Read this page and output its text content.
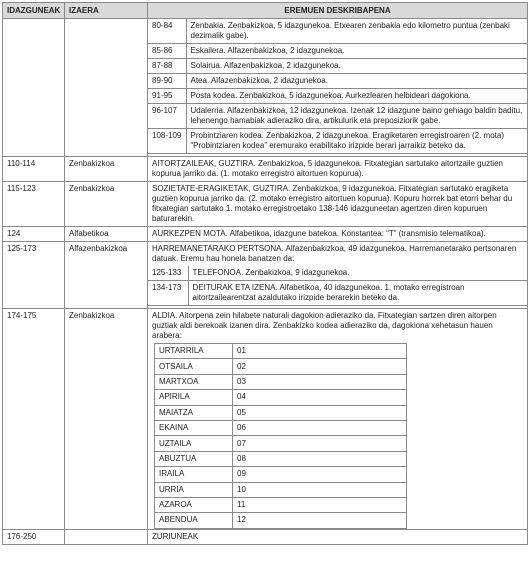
IDAZGUNEAK	IZAERA	EREMUEN DESKRIBAPENA

80-84	Zenbakia. Zenbakizkoa, 5 idazgunekoa. Etxearen zenbakia edo kilometro puntua (zenbaki dezimalik gabe).
85-86	Eskailera. Alfazenbakizkoa, 2 idazgunekoa.
87-88	Solairua. Alfazenbakizkoa, 2 idazgunekoa.
89-90	Atea. Alfazenbakizkoa, 2 idazgunekoa.
91-95	Posta kodea. Zenbakizkoa, 5 idazgunekoa. Aurkezlearen helbideari dagokiona.
96-107	Udalerria. Alfazenbakizkoa, 12 idazgunekoa. Izenak 12 idazgune baino gehiago baldin baditu, lehenengo hamabiak adieraziko dira, artikulurik eta preposiziorik gabe.
108-109	Probintziaren kodea. Zenbakizkoa, 2 idazgunekoa. Eragiketaren erregistroaren (2. mota) “Probintziaren kodea” eremurako erabilitako irizpide berari jarraikiz beteko da.

110-114	Zenbakizkoa	AITORTZAILEAK, GUZTIRA. Zenbakizkoa, 5 idazgunekoa. Fitxategian sartutako aitortzaile guztien kopurua jarriko da. (1. motako erregistro aitortuen kopurua).
115-123	Zenbakizkoa	SOZIETATE-ERAGIKETAK, GUZTIRA. Zenbakizkoa, 9 idazgunekoa. Fitxategian sartutako eragiketa guztien kopurua jarriko da. (2. motako erregistro aitortuen kopurua). Kopuru horrek bat etorri behar du fitxategian sartutako 1. motako erregistroetako 138-146 idazguneetan agertzen diren kopuruen baturarekin.
124	Alfabetikoa	AURKEZPEN MOTA. Alfabetikoa, idazgune batekoa. Konstantea: “T” (transmisio telematikoa).
125-173	Alfazenbakizkoa	HARREMANETARAKO PERTSONA. Alfazenbakizkoa, 49 idazgunekoa. Harremanetarako pertsonaren datuak. Eremu hau honela banatzen da:
125-133	TELEFONOA. Zenbakizkoa, 9 idazgunekoa.
134-173	DEITURAK ETA IZENA. Alfabetikoa, 40 idazgunekoa. 1. motako erregistroan aitortzailearentzat azaldutako irizpide berarekin beteko da.

174-175	Zenbakizkoa	ALDIA. Aitorpena zein hilabete naturali dagokion adieraziko da. Fitxategian sartzen diren aitorpen guztiak aldi berekoak izanen dira. Zenbakizko kodea adieraziko da, dagokiona xehetasun hauen arabera:
URTARRILA	01
OTSAILA	02
MARTXOA	03
APIRILA	04
MAIATZA	05
EKAINA	06
UZTAILA	07
ABUZTUA	08
IRAILA	09
URRIA	10
AZAROA	11
ABENDUA	12

176-250		ZURIUNEAK
